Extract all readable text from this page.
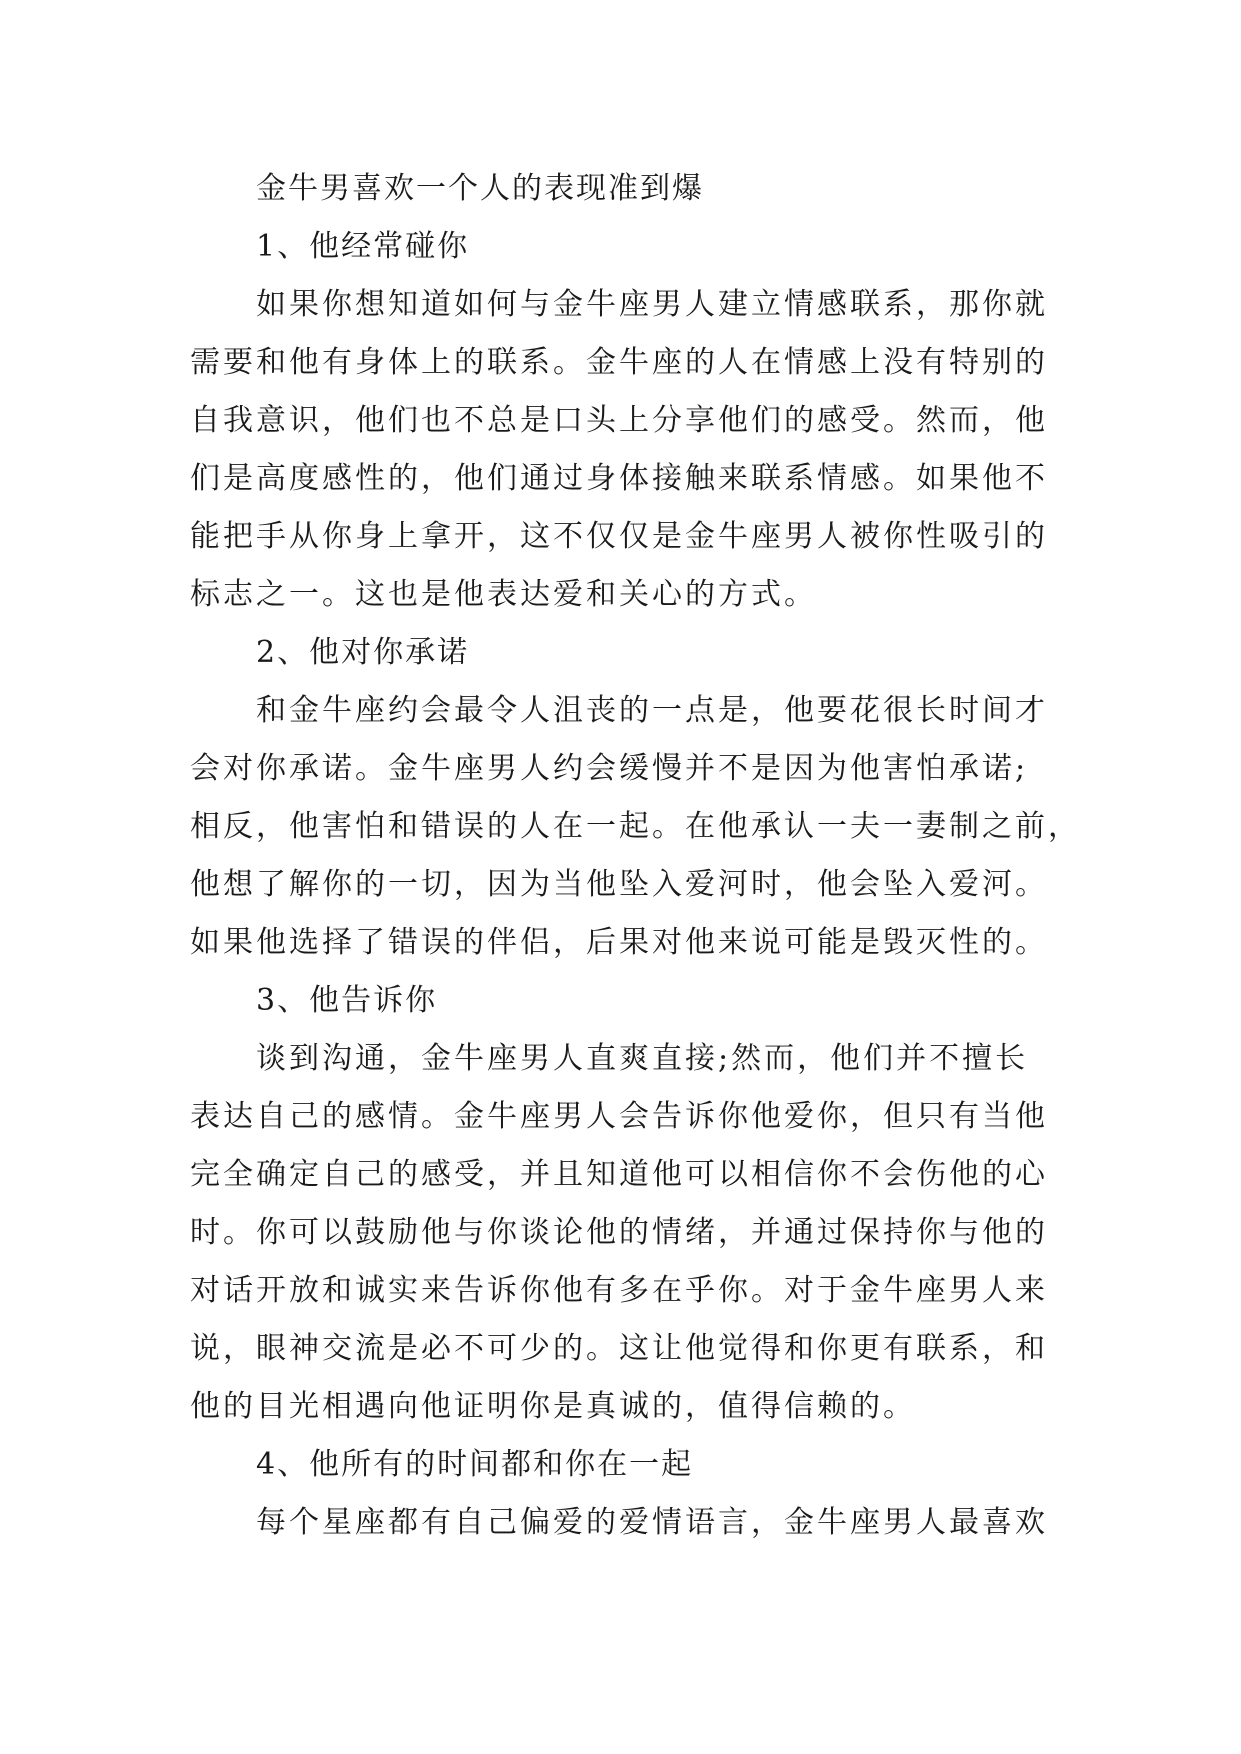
金牛男喜欢一个人的表现准到爆

1、他经常碰你

如果你想知道如何与金牛座男人建立情感联系，那你就

需要和他有身体上的联系。金牛座的人在情感上没有特别的

自我意识，他们也不总是口头上分享他们的感受。然而，他

们是高度感性的，他们通过身体接触来联系情感。如果他不

能把手从你身上拿开，这不仅仅是金牛座男人被你性吸引的

标志之一。这也是他表达爱和关心的方式。

2、他对你承诺

和金牛座约会最令人沮丧的一点是，他要花很长时间才

会对你承诺。金牛座男人约会缓慢并不是因为他害怕承诺;

相反，他害怕和错误的人在一起。在他承认一夫一妻制之前，

他想了解你的一切，因为当他坠入爱河时，他会坠入爱河。

如果他选择了错误的伴侣，后果对他来说可能是毁灭性的。

3、他告诉你

谈到沟通，金牛座男人直爽直接;然而，他们并不擅长

表达自己的感情。金牛座男人会告诉你他爱你，但只有当他

完全确定自己的感受，并且知道他可以相信你不会伤他的心

时。你可以鼓励他与你谈论他的情绪，并通过保持你与他的

对话开放和诚实来告诉你他有多在乎你。对于金牛座男人来

说，眼神交流是必不可少的。这让他觉得和你更有联系，和

他的目光相遇向他证明你是真诚的，值得信赖的。

4、他所有的时间都和你在一起

每个星座都有自己偏爱的爱情语言，金牛座男人最喜欢
